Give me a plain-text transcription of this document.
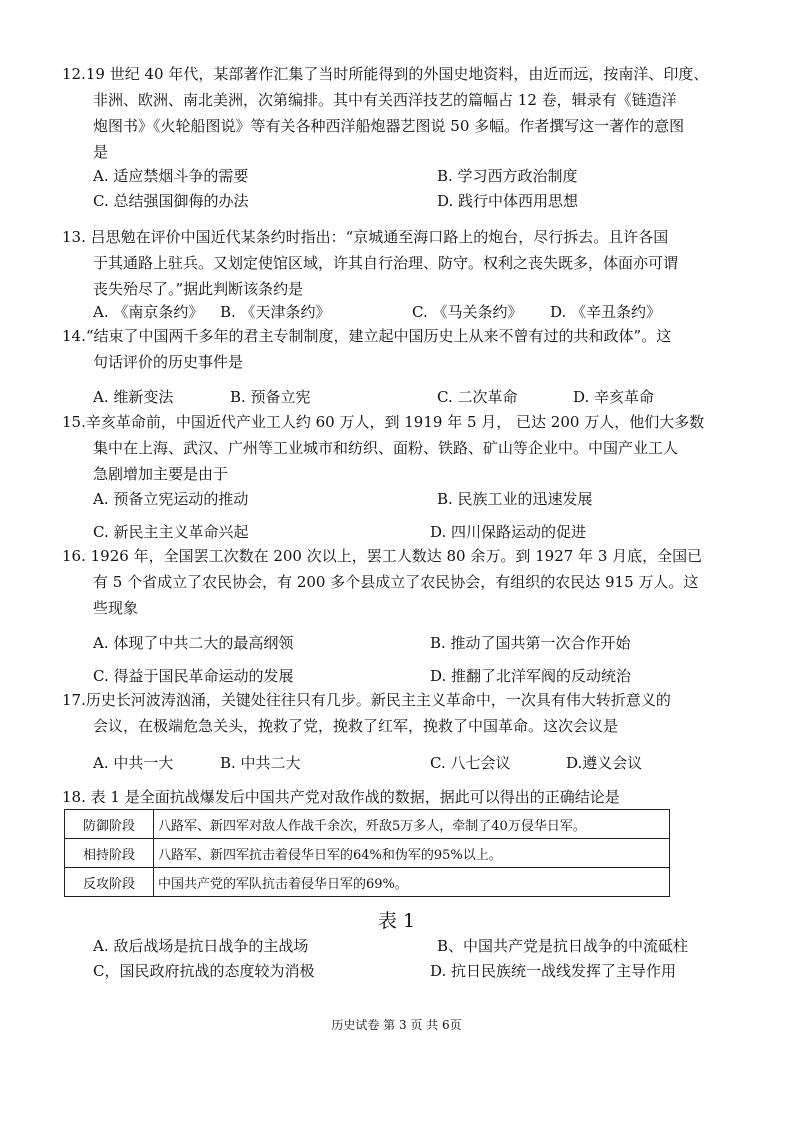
12.19 世纪 40 年代，某部著作汇集了当时所能得到的外国史地资料，由近而远，按南洋、印度、
非洲、欧洲、南北美洲，次第编排。其中有关西洋技艺的篇幅占 12 卷，辑录有《链造洋
炮图书》《火轮船图说》等有关各种西洋船炮器艺图说 50 多幅。作者撰写这一著作的意图
是
A. 适应禁烟斗争的需要	B. 学习西方政治制度
C. 总结强国御侮的办法	D. 践行中体西用思想
13. 吕思勉在评价中国近代某条约时指出：“京城通至海口路上的炮台，尽行拆去。且许各国
于其通路上驻兵。又划定使馆区域，许其自行治理、防守。权利之丧失既多，体面亦可谓
丧失殆尽了。”据此判断该条约是
A. 《南京条约》 B. 《天津条约》	C. 《马关条约》 D. 《辛丑条约》
14.“结束了中国两千多年的君主专制制度，建立起中国历史上从来不曾有过的共和政体”。这
句话评价的历史事件是
A. 维新变法	B. 预备立宪	C. 二次革命	D. 辛亥革命
15.辛亥革命前，中国近代产业工人约 60 万人，到 1919 年 5 月， 已达 200 万人，他们大多数
集中在上海、武汉、广州等工业城市和纺织、面粉、铁路、矿山等企业中。中国产业工人
急剧增加主要是由于
A. 预备立宪运动的推动	B. 民族工业的迅速发展
C. 新民主主义革命兴起	D. 四川保路运动的促进
16. 1926 年，全国罢工次数在 200 次以上，罢工人数达 80 余万。到 1927 年 3 月底，全国已
有 5 个省成立了农民协会，有 200 多个县成立了农民协会，有组织的农民达 915 万人。这
些现象
A. 体现了中共二大的最高纲领	B. 推动了国共第一次合作开始
C. 得益于国民革命运动的发展	D. 推翻了北洋军阀的反动统治
17.历史长河波涛汹涌，关键处往往只有几步。新民主主义革命中，一次具有伟大转折意义的
会议，在极端危急关头，挽救了党，挽救了红军，挽救了中国革命。这次会议是
A. 中共一大	B. 中共二大	C. 八七会议	D.遵义会议
18. 表 1 是全面抗战爆发后中国共产党对敌作战的数据，据此可以得出的正确结论是
防御阶段	八路军、新四军对敌人作战千余次，歼敌5万多人，牵制了40万侵华日军。
相持阶段	八路军、新四军抗击着侵华日军的64%和伪军的95%以上。
反攻阶段	中国共产党的军队抗击着侵华日军的69%。
表 1
A. 敌后战场是抗日战争的主战场	B、中国共产党是抗日战争的中流砥柱
C，国民政府抗战的态度较为消极	D. 抗日民族统一战线发挥了主导作用
历史试卷 第 3 页 共 6页
